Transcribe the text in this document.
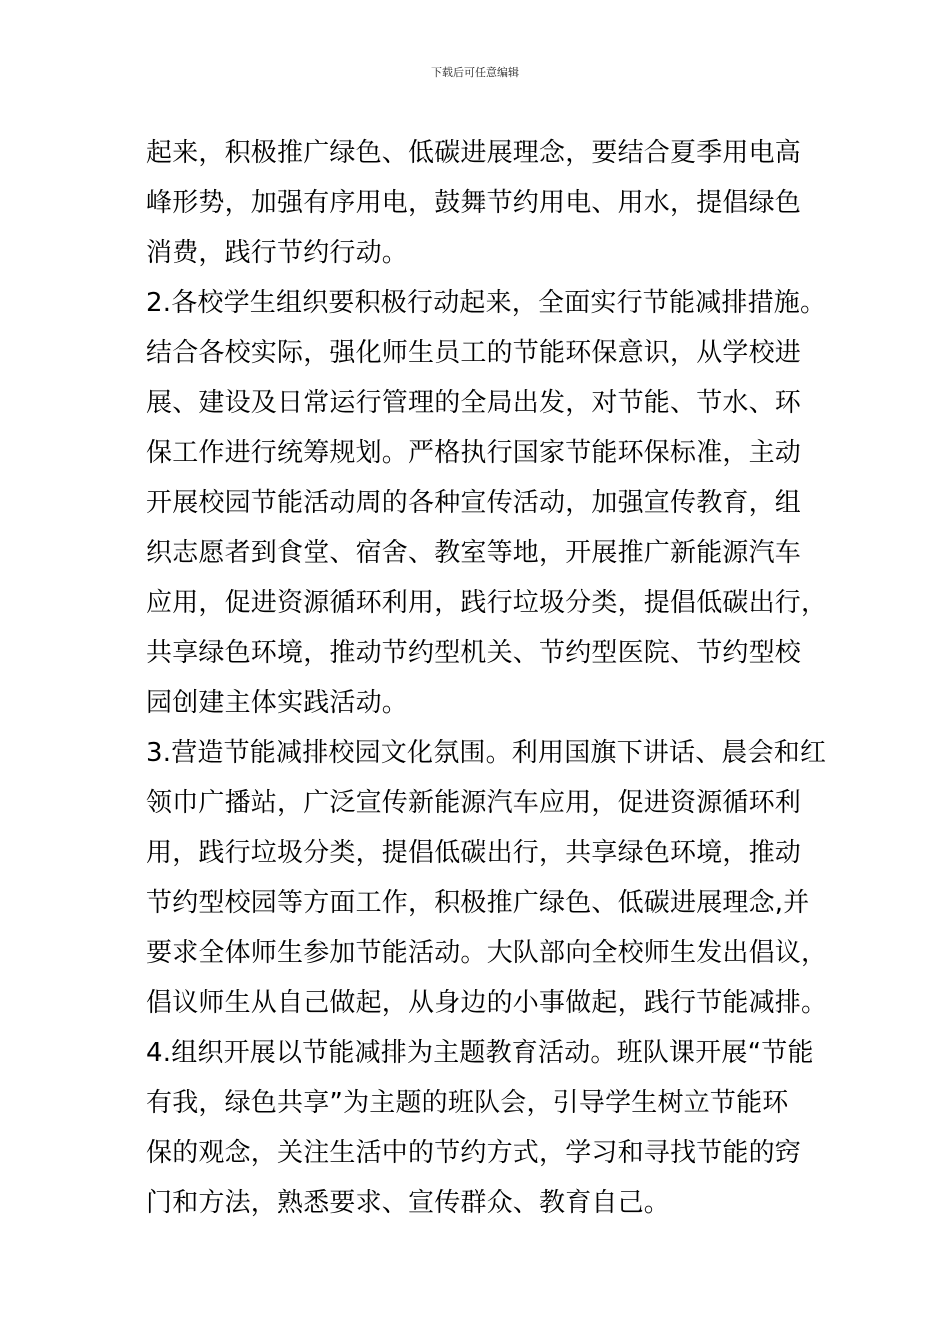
下载后可任意编辑
起来，积极推广绿色、低碳进展理念，要结合夏季用电高
峰形势，加强有序用电，鼓舞节约用电、用水，提倡绿色
消费，践行节约行动。
2.各校学生组织要积极行动起来，全面实行节能减排措施。
结合各校实际，强化师生员工的节能环保意识，从学校进
展、建设及日常运行管理的全局出发，对节能、节水、环
保工作进行统筹规划。严格执行国家节能环保标准，主动
开展校园节能活动周的各种宣传活动，加强宣传教育，组
织志愿者到食堂、宿舍、教室等地，开展推广新能源汽车
应用，促进资源循环利用，践行垃圾分类，提倡低碳出行，
共享绿色环境，推动节约型机关、节约型医院、节约型校
园创建主体实践活动。
3.营造节能减排校园文化氛围。利用国旗下讲话、晨会和红
领巾广播站，广泛宣传新能源汽车应用，促进资源循环利
用，践行垃圾分类，提倡低碳出行，共享绿色环境，推动
节约型校园等方面工作，积极推广绿色、低碳进展理念,并
要求全体师生参加节能活动。大队部向全校师生发出倡议，
倡议师生从自己做起，从身边的小事做起，践行节能减排。
4.组织开展以节能减排为主题教育活动。班队课开展“节能
有我，绿色共享”为主题的班队会，引导学生树立节能环
保的观念，关注生活中的节约方式，学习和寻找节能的窍
门和方法，熟悉要求、宣传群众、教育自己。
